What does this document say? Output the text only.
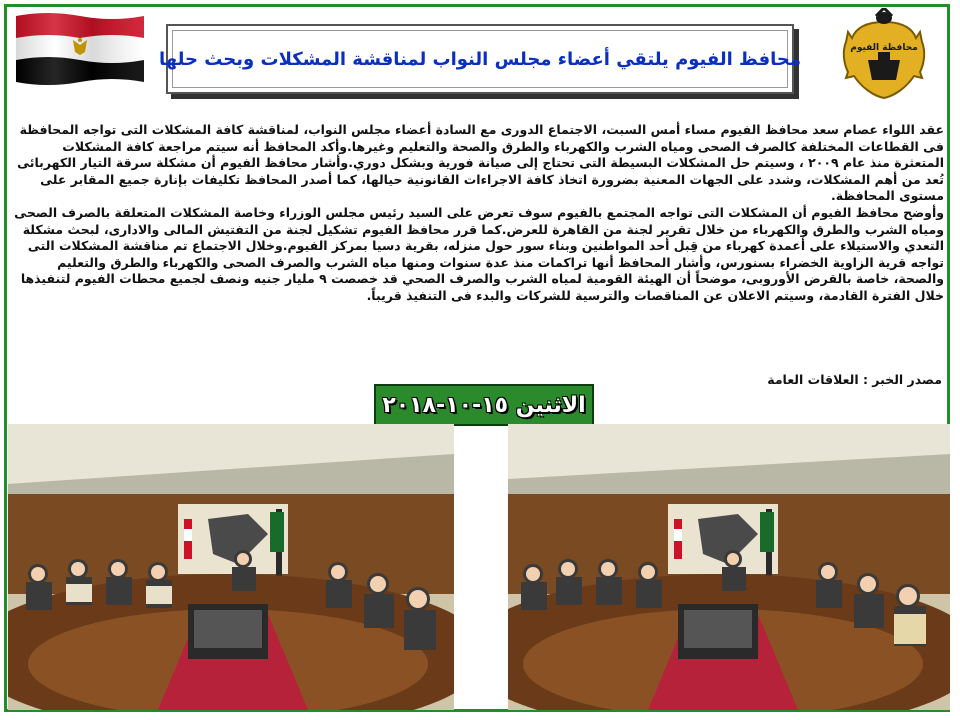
محافظة الفيوم
محافظ الفيوم يلتقي أعضاء مجلس النواب لمناقشة المشكلات وبحث حلها

عقد اللواء عصام سعد محافظ الفيوم مساء أمس السبت، الاجتماع الدورى مع السادة أعضاء مجلس النواب، لمناقشة كافة المشكلات التى تواجه المحافظة فى القطاعات المختلفة كالصرف الصحى ومياه الشرب والكهرباء والطرق والصحة والتعليم وغيرها.وأكد المحافظ أنه سيتم مراجعة كافة المشكلات المتعثرة منذ عام ٢٠٠٩ ، وسيتم حل المشكلات البسيطة التى تحتاج إلى صيانة فورية وبشكل دوري.وأشار محافظ الفيوم أن مشكلة سرقة التيار الكهربائى تُعد من أهم المشكلات، وشدد على الجهات المعنية بضرورة اتخاذ كافة الاجراءات القانونية حيالها، كما أصدر المحافظ تكليفات بإنارة جميع المقابر على مستوى المحافظة.

وأوضح محافظ الفيوم أن المشكلات التى تواجه المجتمع بالفيوم سوف تعرض على السيد رئيس مجلس الوزراء وخاصة المشكلات المتعلقة بالصرف الصحى ومياه الشرب والطرق والكهرباء من خلال تقرير لجنة من القاهرة للعرض.كما قرر محافظ الفيوم تشكيل لجنة من التفتيش المالى والادارى، لبحث مشكلة التعدي والاستيلاء على أعمدة كهرباء من قِبل أحد المواطنين وبناء سور حول منزله، بقرية دسيا بمركز الفيوم.وخلال الاجتماع تم مناقشة المشكلات التى تواجه قرية الزاوية الخضراء بسنورس، وأشار المحافظ أنها تراكمات منذ عدة سنوات ومنها مياه الشرب والصرف الصحى والكهرباء والطرق والتعليم والصحة، خاصة بالقرض الأوروبى، موضحاً أن الهيئة القومية لمياه الشرب والصرف الصحي قد خصصت ٩ مليار جنيه ونصف لجميع محطات الفيوم لتنفيذها خلال الفترة القادمة، وسيتم الاعلان عن المناقصات والترسية للشركات والبدء فى التنفيذ قريباً.

مصدر الخبر : العلاقات العامة
الاثنين ١٥-١٠-٢٠١٨
